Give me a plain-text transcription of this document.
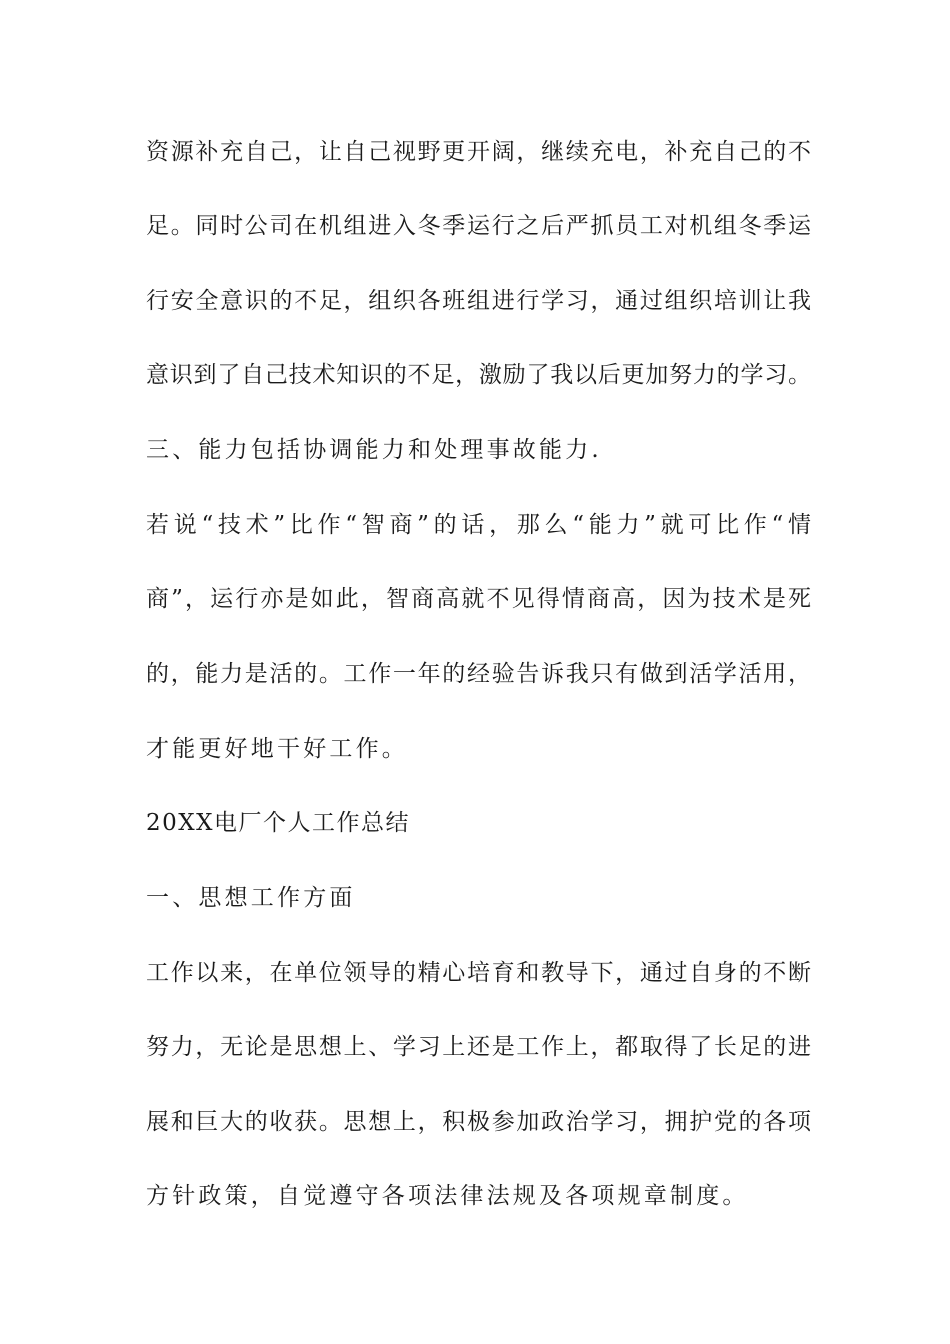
资源补充自己，让自己视野更开阔，继续充电，补充自己的不
足。同时公司在机组进入冬季运行之后严抓员工对机组冬季运
行安全意识的不足，组织各班组进行学习，通过组织培训让我
意识到了自己技术知识的不足，激励了我以后更加努力的学习。
三、能力包括协调能力和处理事故能力.
若说“技术”比作“智商”的话，那么“能力”就可比作“情
商”，运行亦是如此，智商高就不见得情商高，因为技术是死
的，能力是活的。工作一年的经验告诉我只有做到活学活用，
才能更好地干好工作。
20XX电厂个人工作总结
一、思想工作方面
工作以来，在单位领导的精心培育和教导下，通过自身的不断
努力，无论是思想上、学习上还是工作上，都取得了长足的进
展和巨大的收获。思想上，积极参加政治学习，拥护党的各项
方针政策，自觉遵守各项法律法规及各项规章制度。
